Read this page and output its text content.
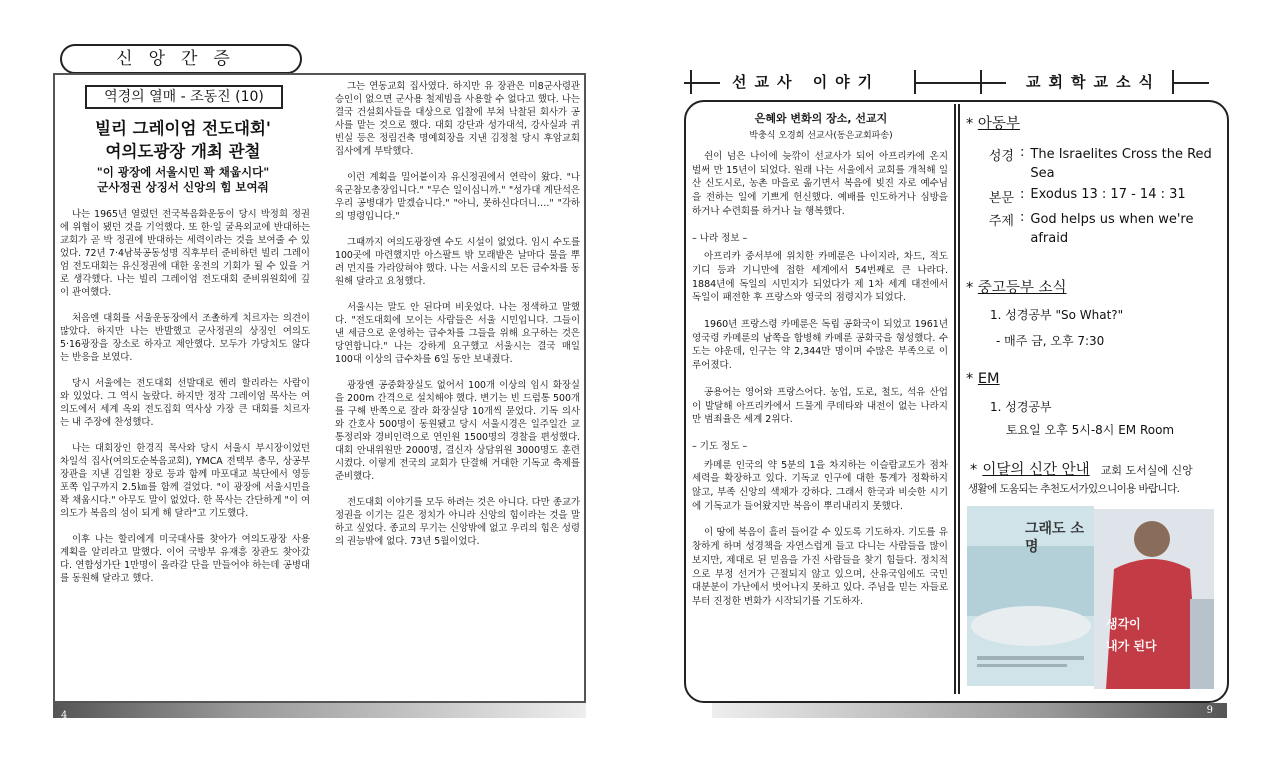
신앙간증
역경의 열매 - 조동진 (10)
빌리 그레이엄 전도대회'
여의도광장 개최 관철
"이 광장에 서울시민 꽉 채웁시다"
군사정권 상징서 신앙의 힘 보여줘

나는 1965년 열렸던 전국복음화운동이 당시 박정희 정권에 위협이 됐던 것을 기억했다. 또 한·일 굴욕외교에 반대하는 교회가 곧 박 정권에 반대하는 세력이라는 것을 보여줄 수 있었다. 72년 7·4남북공동성명 직후부터 준비하던 빌리 그레이엄 전도대회는 유신정권에 대한 웅전의 기회가 될 수 있을 거로 생각했다. 나는 빌리 그레이엄 전도대회 준비위원회에 깊이 관여했다.

처음엔 대회를 서울운동장에서 조촐하게 치르자는 의견이 많았다. 하지만 나는 반발했고 군사정권의 상징인 여의도 5·16광장을 장소로 하자고 제안했다. 모두가 가당치도 않다는 반응을 보였다.

당시 서울에는 전도대회 선발대로 헨리 할리라는 사람이 와 있었다. 그 역시 놀랐다. 하지만 정작 그레이엄 목사는 여의도에서 세계 옥외 전도집회 역사상 가장 큰 대회를 치르자는 내 주장에 찬성했다.

나는 대회장인 한경직 목사와 당시 서울시 부시장이었던 차일석 집사(여의도순복음교회), YMCA 전택부 총무, 상공부 장관을 지낸 김일환 장로 등과 함께 마포대교 북단에서 영등포쪽 입구까지 2.5㎞를 함께 걸었다. "이 광장에 서울시민을 꽉 채웁시다." 아무도 말이 없었다. 한 목사는 간단하게 "이 여의도가 복음의 섬이 되게 해 달라"고 기도했다.

이후 나는 할리에게 미국대사를 찾아가 여의도광장 사용 계획을 알리라고 말했다. 이어 국방부 유재흥 장관도 찾아갔다. 연합성가단 1만명이 올라갈 단을 만들어야 하는데 공병대를 동원해 달라고 했다.

그는 연동교회 집사였다. 하지만 유 장관은 미8군사령관 승인이 없으면 군사용 철제빔을 사용할 수 없다고 했다. 나는 결국 건설회사들을 대상으로 입찰에 부쳐 낙찰된 회사가 공사를 맡는 것으로 했다. 대회 강단과 성가대석, 강사실과 귀빈실 등은 정림건축 명예회장을 지낸 김정철 당시 후암교회 집사에게 부탁했다.

이런 계획을 밀어붙이자 유신정권에서 연락이 왔다. "나 육군참모총장입니다." "무슨 일이십니까." "성가대 계단석은 우리 공병대가 맡겠습니다." "아니, 못하신다더니…." "각하의 명령입니다."

그때까지 여의도광장엔 수도 시설이 없었다. 임시 수도를 100곳에 마련했지만 아스팔트 밖 모래밭은 날마다 물을 뿌려 먼지를 가라앉혀야 했다. 나는 서울시의 모든 급수차를 동원해 달라고 요청했다.

서울시는 말도 안 된다며 비웃었다. 나는 정색하고 말했다. "전도대회에 모이는 사람들은 서울 시민입니다. 그들이 낸 세금으로 운영하는 급수차를 그들을 위해 요구하는 것은 당연합니다." 나는 강하게 요구했고 서울시는 결국 매일 100대 이상의 급수차를 6일 동안 보내줬다.

광장엔 공중화장실도 없어서 100개 이상의 임시 화장실을 200m 간격으로 설치해야 했다. 변기는 빈 드럼통 500개를 구해 반쪽으로 잘라 화장실당 10개씩 묻었다. 기독 의사와 간호사 500명이 동원됐고 당시 서울시경은 일주일간 교통정리와 경비인력으로 연인원 1500명의 경찰을 편성했다. 대회 안내위원만 2000명, 결신자 상담위원 3000명도 훈련시켰다. 이렇게 전국의 교회가 단결해 거대한 기독교 축제를 준비했다.

전도대회 이야기를 모두 하려는 것은 아니다. 다만 종교가 정권을 이기는 길은 정치가 아니라 신앙의 힘이라는 것을 말하고 싶었다. 종교의 무기는 신앙밖에 없고 우리의 힘은 성령의 권능밖에 없다. 73년 5월이었다.

4
선교사 이야기	교회학교소식
은혜와 변화의 장소, 선교지
박충식 오경희 선교사(동은교회파송)

쉰이 넘은 나이에 늦깎이 선교사가 되어 아프리카에 온지 벌써 만 15년이 되었다. 원래 나는 서울에서 교회를 개척해 일산 신도시로, 농촌 마을로 옮기면서 복음에 빚진 자로 예수님을 전하는 일에 기쁘게 헌신했다. 예배를 인도하거나 심방을 하거나 수련회를 하거나 늘 행복했다.

– 나라 정보 –

아프리카 중서부에 위치한 카메룬은 나이지라, 차드, 적도 기디 등과 기니만에 접한 세계에서 54번째로 큰 나라다. 1884년에 독일의 시민지가 되었다가 제 1차 세계 대전에서 독일이 패전한 후 프랑스와 영국의 점령지가 되었다.

1960년 프랑스령 카메룬은 독립 공화국이 되었고 1961년 영국령 카메룬의 남쪽을 합병해 카메룬 공화국을 형성했다. 수도는 야운데, 인구는 약 2,344만 명이며 수많은 부족으로 이루어졌다.

공용어는 영어와 프랑스어다. 농업, 도로, 철도, 석유 산업이 발달해 아프리카에서 드물게 쿠데타와 내전이 없는 나라지만 범죄율은 세계 2위다.

– 기도 정도 –

카메룬 인국의 약 5분의 1을 차지하는 이슬람교도가 점차 세력을 확장하고 있다. 기독교 인구에 대한 통계가 정확하지 않고, 부족 신앙의 색채가 강하다. 그래서 한국과 비슷한 시기에 기독교가 들어왔지만 복음이 뿌리내리지 못했다.

이 땅에 복음이 흘러 들어갈 수 있도록 기도하자. 기도를 유창하게 하며 성경책을 자연스럽게 들고 다니는 사람들을 많이 보지만, 제대로 된 믿음을 가진 사람들을 찾기 힘들다. 정치적으로 부정 선거가 근절되지 않고 있으며, 산유국임에도 국민 대분분이 가난에서 벗어나지 못하고 있다. 주님을 믿는 자들로부터 진정한 변화가 시작되기를 기도하자.

* 아동부
성경 : The Israelites Cross the Red Sea
본문 : Exodus 13 : 17 - 14 : 31
주제 : God helps us when we're afraid
* 중고등부 소식
1. 성경공부 "So What?"
- 매주 금, 오후 7:30
* EM
1. 성경공부
토요일 오후 5시-8시 EM Room
* 이달의 신간 안내 교회 도서실에 신앙
생활에 도움되는 추천도서가있으니이용 바랍니다.
그래도 소명
생각이
내가 된다
9
